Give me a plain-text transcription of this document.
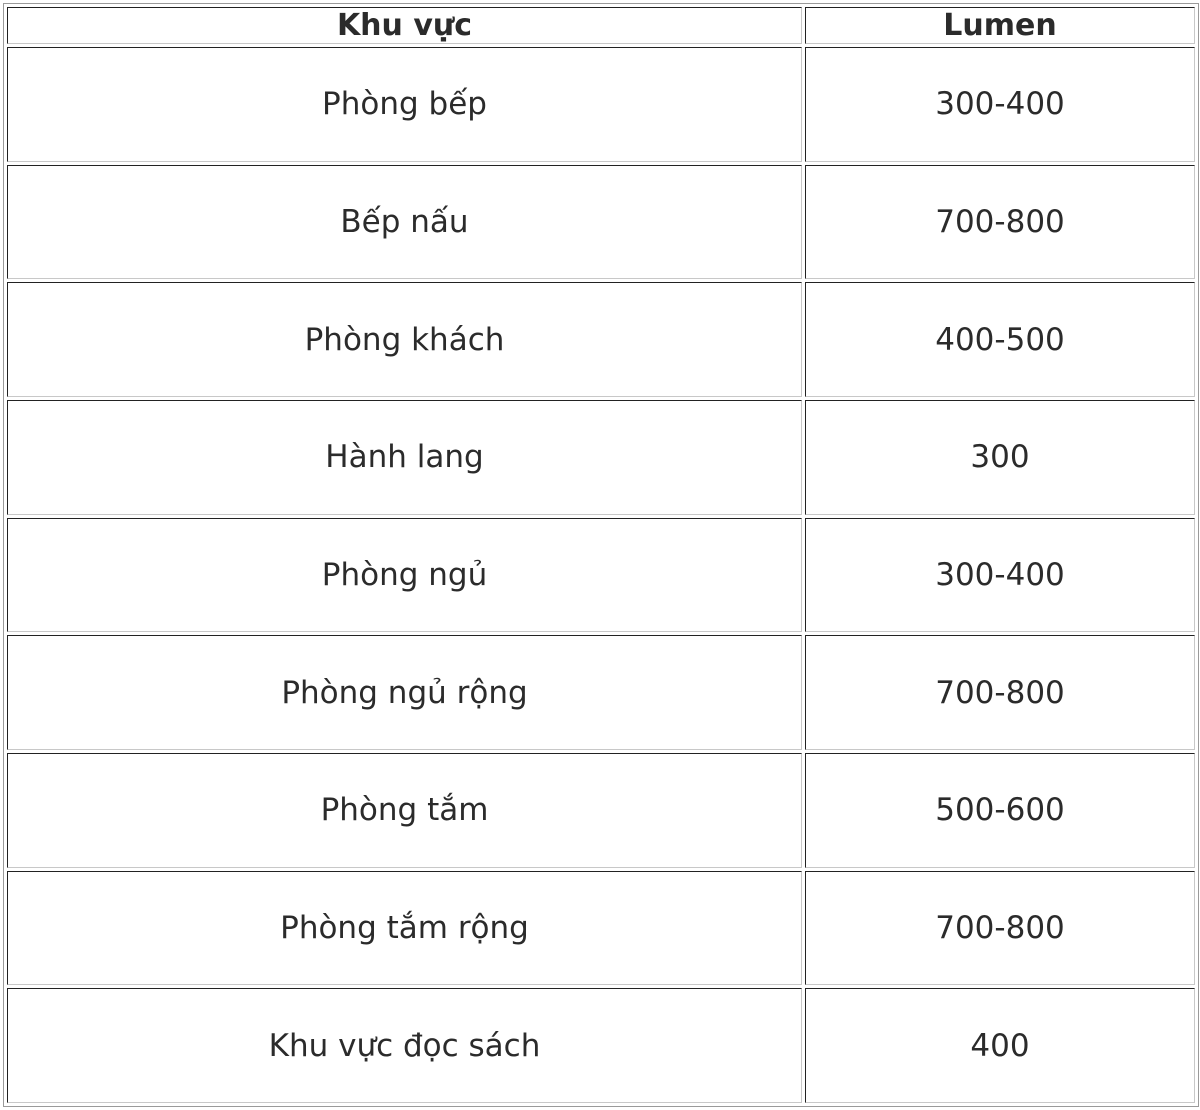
Khu vực	Lumen
Phòng bếp	300-400
Bếp nấu	700-800
Phòng khách	400-500
Hành lang	300
Phòng ngủ	300-400
Phòng ngủ rộng	700-800
Phòng tắm	500-600
Phòng tắm rộng	700-800
Khu vực đọc sách	400
